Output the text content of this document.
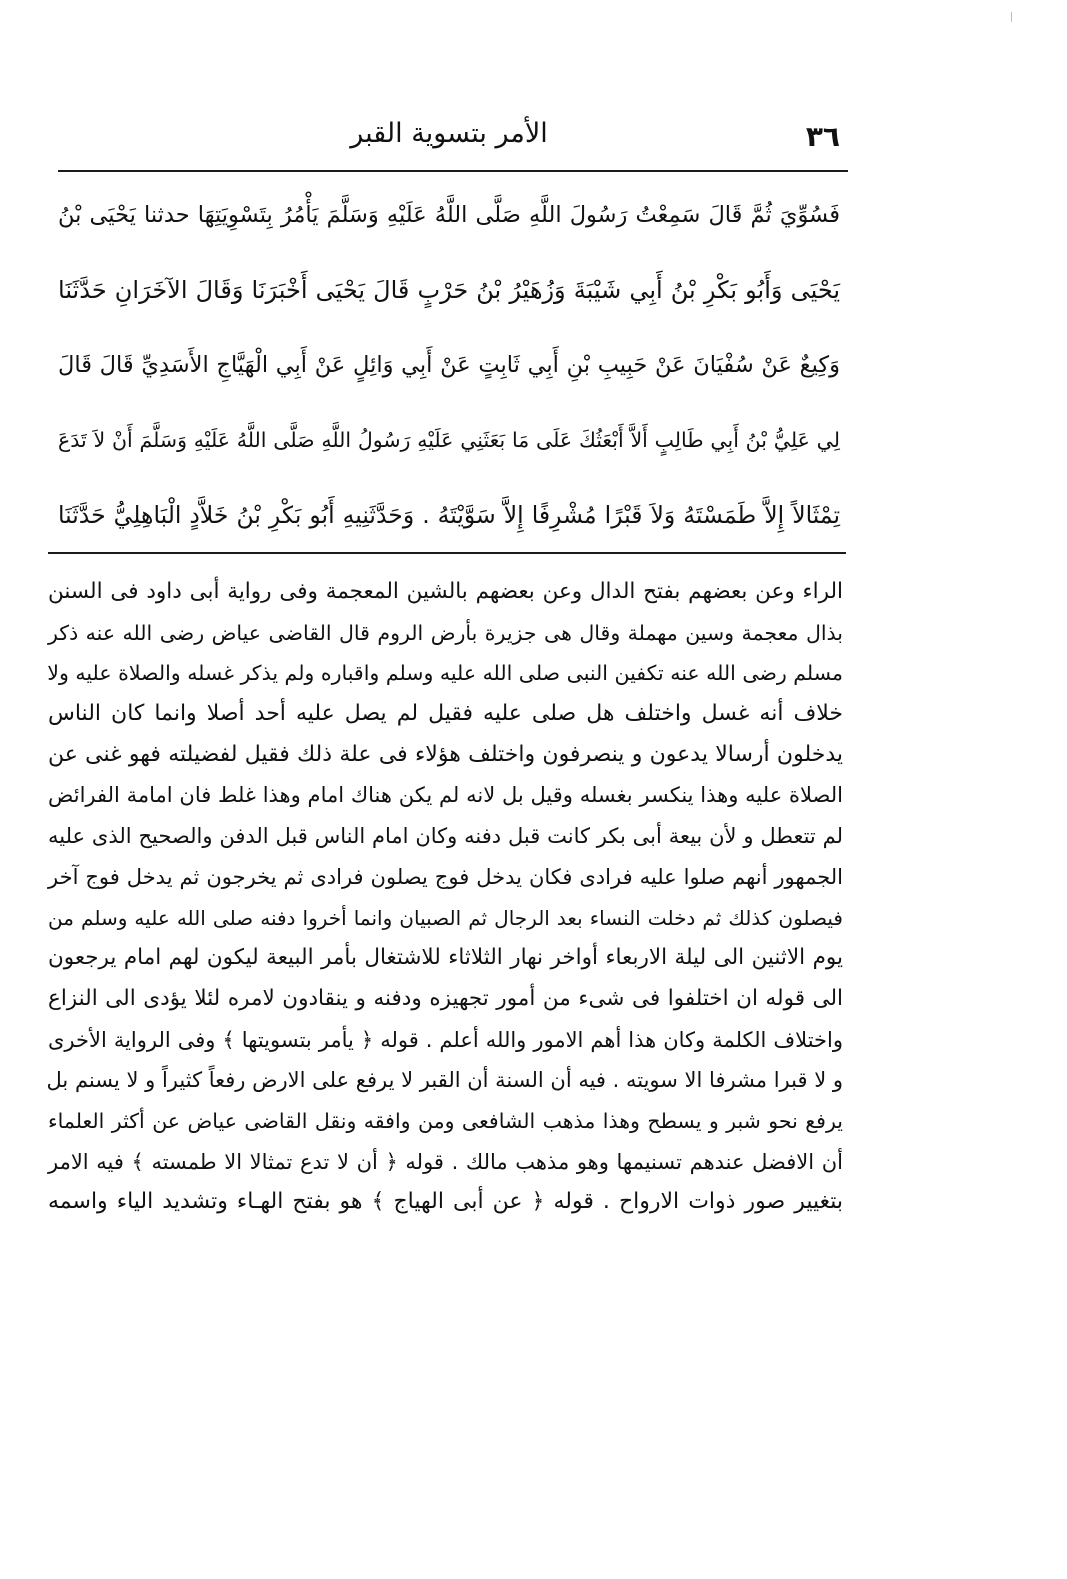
٣٦
الأمر بتسوية القبر
فَسُوِّيَ ثُمَّ قَالَ سَمِعْتُ رَسُولَ اللَّهِ صَلَّى اللَّهُ عَلَيْهِ وَسَلَّمَ يَأْمُرُ بِتَسْوِيَتِهَا حدثنا يَحْيَى بْنُ
يَحْيَى وَأَبُو بَكْرِ بْنُ أَبِي شَيْبَةَ وَزُهَيْرُ بْنُ حَرْبٍ قَالَ يَحْيَى أَخْبَرَنَا وَقَالَ الآخَرَانِ حَدَّثَنَا
وَكِيعٌ عَنْ سُفْيَانَ عَنْ حَبِيبِ بْنِ أَبِي ثَابِتٍ عَنْ أَبِي وَائِلٍ عَنْ أَبِي الْهَيَّاجِ الأَسَدِيِّ قَالَ قَالَ
لِي عَلِيُّ بْنُ أَبِي طَالِبٍ أَلاَّ أَبْعَثُكَ عَلَى مَا بَعَثَنِي عَلَيْهِ رَسُولُ اللَّهِ صَلَّى اللَّهُ عَلَيْهِ وَسَلَّمَ أَنْ لاَ تَدَعَ
تِمْثَالاً إِلاَّ طَمَسْتَهُ وَلاَ قَبْرًا مُشْرِفًا إِلاَّ سَوَّيْتَهُ . وَحَدَّثَنِيهِ أَبُو بَكْرِ بْنُ خَلاَّدٍ الْبَاهِلِيُّ حَدَّثَنَا
الراء وعن بعضهم بفتح الدال وعن بعضهم بالشين المعجمة وفى رواية أبى داود فى السنن
بذال معجمة وسين مهملة وقال هى جزيرة بأرض الروم قال القاضى عياض رضى الله عنه ذكر
مسلم رضى الله عنه تكفين النبى صلى الله عليه وسلم واقباره ولم يذكر غسله والصلاة عليه ولا
خلاف أنه غسل واختلف هل صلى عليه فقيل لم يصل عليه أحد أصلا وانما كان الناس
يدخلون أرسالا يدعون و ينصرفون واختلف هؤلاء فى علة ذلك فقيل لفضيلته فهو غنى عن
الصلاة عليه وهذا ينكسر بغسله وقيل بل لانه لم يكن هناك امام وهذا غلط فان امامة الفرائض
لم تتعطل و لأن بيعة أبى بكر كانت قبل دفنه وكان امام الناس قبل الدفن والصحيح الذى عليه
الجمهور أنهم صلوا عليه فرادى فكان يدخل فوج يصلون فرادى ثم يخرجون ثم يدخل فوج آخر
فيصلون كذلك ثم دخلت النساء بعد الرجال ثم الصبيان وانما أخروا دفنه صلى الله عليه وسلم من
يوم الاثنين الى ليلة الاربعاء أواخر نهار الثلاثاء للاشتغال بأمر البيعة ليكون لهم امام يرجعون
الى قوله ان اختلفوا فى شىء من أمور تجهيزه ودفنه و ينقادون لامره لئلا يؤدى الى النزاع
واختلاف الكلمة وكان هذا أهم الامور والله أعلم . قوله ﴿ يأمر بتسويتها ﴾ وفى الرواية الأخرى
و لا قبرا مشرفا الا سويته . فيه أن السنة أن القبر لا يرفع على الارض رفعاً كثيراً و لا يسنم بل
يرفع نحو شبر و يسطح وهذا مذهب الشافعى ومن وافقه ونقل القاضى عياض عن أكثر العلماء
أن الافضل عندهم تسنيمها وهو مذهب مالك . قوله ﴿ أن لا تدع تمثالا الا طمسته ﴾ فيه الامر
بتغيير صور ذوات الارواح . قوله ﴿ عن أبى الهياج ﴾ هو بفتح الهـاء وتشديد الياء واسمه
